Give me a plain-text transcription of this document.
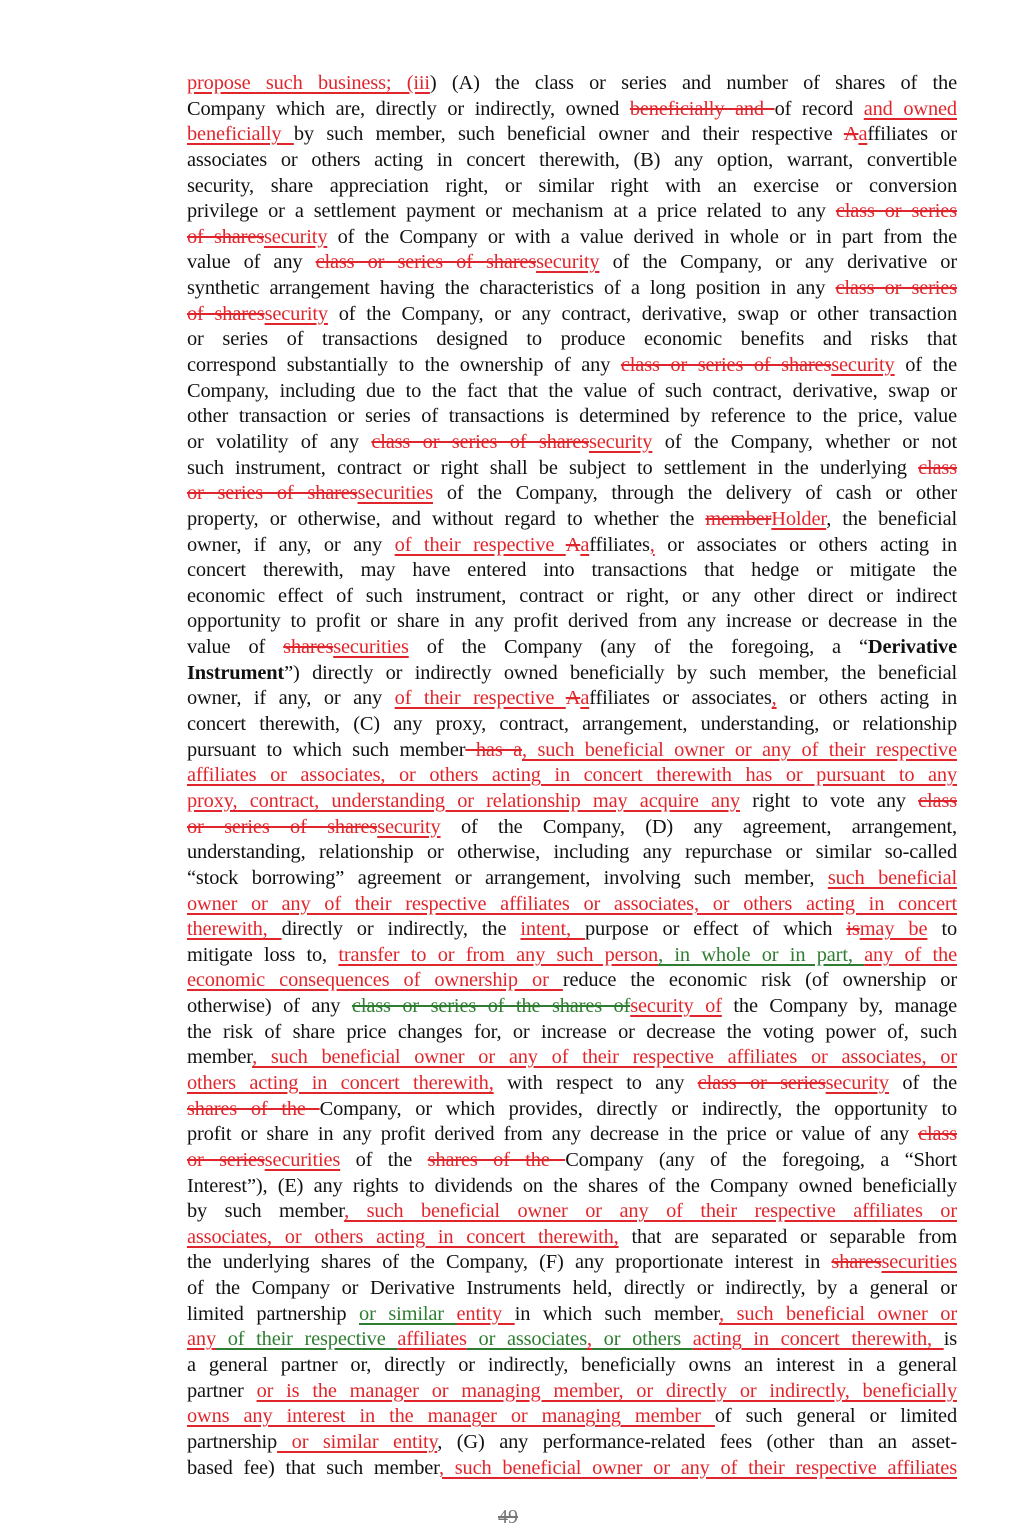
propose such business; (iii) (A) the class or series and number of shares of the
Company which are, directly or indirectly, owned beneficially and of record and owned
beneficially by such member, such beneficial owner and their respective Aaffiliates or
associates or others acting in concert therewith, (B) any option, warrant, convertible
security, share appreciation right, or similar right with an exercise or conversion
privilege or a settlement payment or mechanism at a price related to any class or series
of sharessecurity of the Company or with a value derived in whole or in part from the
value of any class or series of sharessecurity of the Company, or any derivative or
synthetic arrangement having the characteristics of a long position in any class or series
of sharessecurity of the Company, or any contract, derivative, swap or other transaction
or series of transactions designed to produce economic benefits and risks that
correspond substantially to the ownership of any class or series of sharessecurity of the
Company, including due to the fact that the value of such contract, derivative, swap or
other transaction or series of transactions is determined by reference to the price, value
or volatility of any class or series of sharessecurity of the Company, whether or not
such instrument, contract or right shall be subject to settlement in the underlying class
or series of sharessecurities of the Company, through the delivery of cash or other
property, or otherwise, and without regard to whether the memberHolder, the beneficial
owner, if any, or any of their respective Aaffiliates, or associates or others acting in
concert therewith, may have entered into transactions that hedge or mitigate the
economic effect of such instrument, contract or right, or any other direct or indirect
opportunity to profit or share in any profit derived from any increase or decrease in the
value of sharessecurities of the Company (any of the foregoing, a “Derivative
Instrument”) directly or indirectly owned beneficially by such member, the beneficial
owner, if any, or any of their respective Aaffiliates or associates, or others acting in
concert therewith, (C) any proxy, contract, arrangement, understanding, or relationship
pursuant to which such member has a, such beneficial owner or any of their respective
affiliates or associates, or others acting in concert therewith has or pursuant to any
proxy, contract, understanding or relationship may acquire any right to vote any class
or series of sharessecurity of the Company, (D) any agreement, arrangement,
understanding, relationship or otherwise, including any repurchase or similar so-called
“stock borrowing” agreement or arrangement, involving such member, such beneficial
owner or any of their respective affiliates or associates, or others acting in concert
therewith, directly or indirectly, the intent, purpose or effect of which ismay be to
mitigate loss to, transfer to or from any such person, in whole or in part, any of the
economic consequences of ownership or reduce the economic risk (of ownership or
otherwise) of any class or series of the shares ofsecurity of the Company by, manage
the risk of share price changes for, or increase or decrease the voting power of, such
member, such beneficial owner or any of their respective affiliates or associates, or
others acting in concert therewith, with respect to any class or seriessecurity of the
shares of the Company, or which provides, directly or indirectly, the opportunity to
profit or share in any profit derived from any decrease in the price or value of any class
or seriessecurities of the shares of the Company (any of the foregoing, a “Short
Interest”), (E) any rights to dividends on the shares of the Company owned beneficially
by such member, such beneficial owner or any of their respective affiliates or
associates, or others acting in concert therewith, that are separated or separable from
the underlying shares of the Company, (F) any proportionate interest in sharessecurities
of the Company or Derivative Instruments held, directly or indirectly, by a general or
limited partnership or similar entity in which such member, such beneficial owner or
any of their respective affiliates or associates, or others acting in concert therewith, is
a general partner or, directly or indirectly, beneficially owns an interest in a general
partner or is the manager or managing member, or directly or indirectly, beneficially
owns any interest in the manager or managing member of such general or limited
partnership or similar entity, (G) any performance-related fees (other than an asset-
based fee) that such member, such beneficial owner or any of their respective affiliates
49
